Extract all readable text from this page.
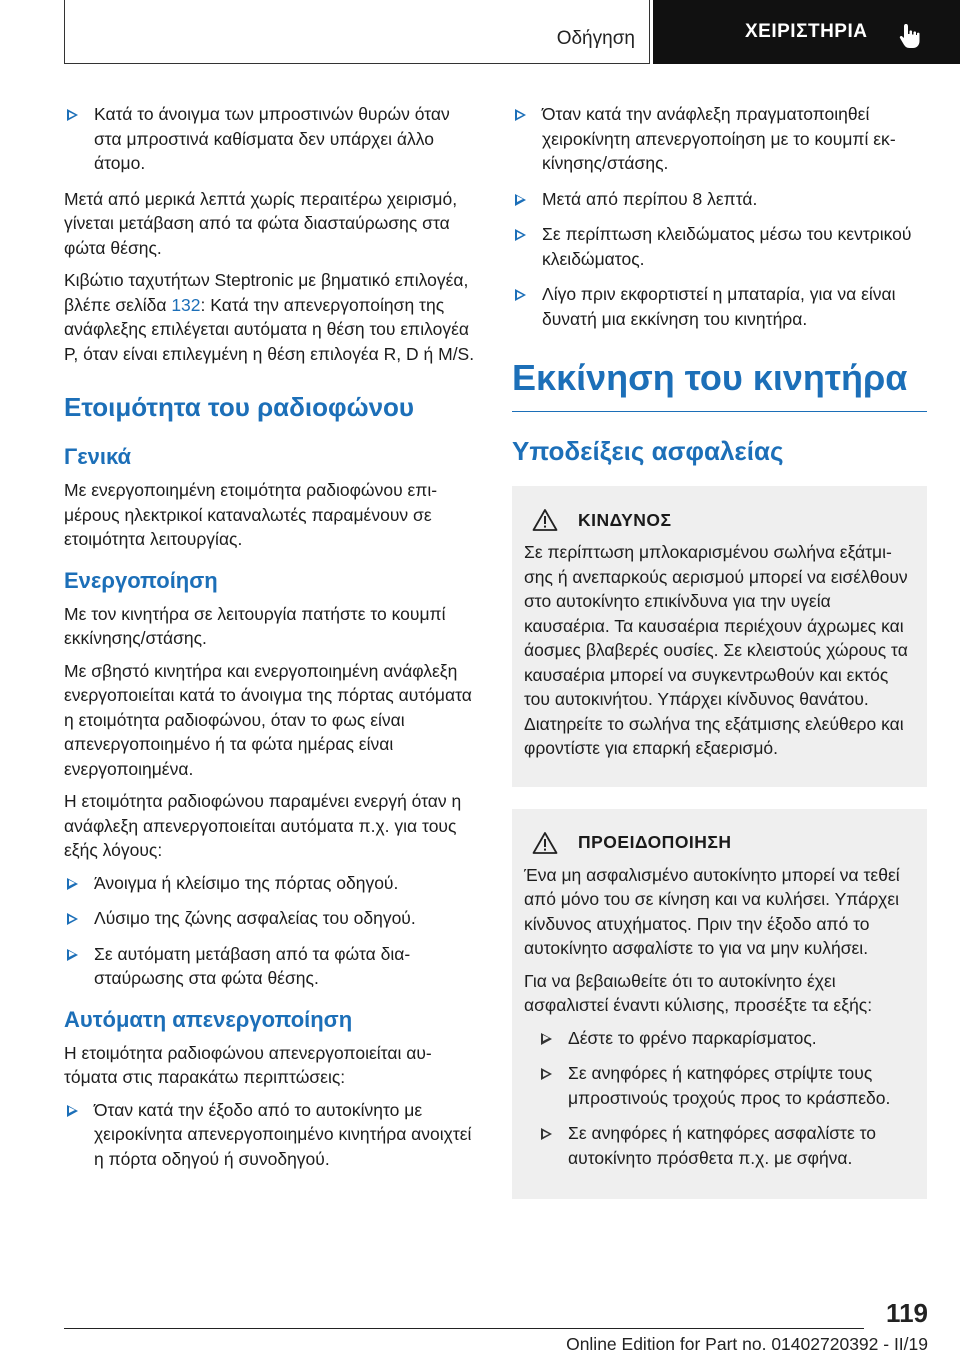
Οδήγηση	ΧΕΙΡΙΣΤΗΡΙΑ
Κατά το άνοιγμα των μπροστινών θυρών όταν στα μπροστινά καθίσματα δεν υπάρχει άλλο άτομο.

Μετά από μερικά λεπτά χωρίς περαιτέρω χειρισμό, γίνεται μετάβαση από τα φώτα διασταύρωσης στα φώτα θέσης.

Κιβώτιο ταχυτήτων Steptronic με βηματικό επιλογέα, βλέπε σελίδα 132: Κατά την απενεργοποίηση της ανάφλεξης επιλέγεται αυτόματα η θέση του επιλογέα P, όταν είναι επιλεγμένη η θέση επιλογέα R, D ή M/S.

Ετοιμότητα του ραδιοφώνου
Γενικά

Με ενεργοποιημένη ετοιμότητα ραδιοφώνου επιμέρους ηλεκτρικοί καταναλωτές παραμένουν σε ετοιμότητα λειτουργίας.

Ενεργοποίηση

Με τον κινητήρα σε λειτουργία πατήστε το κουμπί εκκίνησης/στάσης.

Με σβηστό κινητήρα και ενεργοποιημένη ανάφλεξη ενεργοποιείται κατά το άνοιγμα της πόρτας αυτόματα η ετοιμότητα ραδιοφώνου, όταν το φως είναι απενεργοποιημένο ή τα φώτα ημέρας είναι ενεργοποιημένα.

Η ετοιμότητα ραδιοφώνου παραμένει ενεργή όταν η ανάφλεξη απενεργοποιείται αυτόματα π.χ. για τους εξής λόγους:

Άνοιγμα ή κλείσιμο της πόρτας οδηγού.
Λύσιμο της ζώνης ασφαλείας του οδηγού.
Σε αυτόματη μετάβαση από τα φώτα διασταύρωσης στα φώτα θέσης.
Αυτόματη απενεργοποίηση

Η ετοιμότητα ραδιοφώνου απενεργοποιείται αυτόματα στις παρακάτω περιπτώσεις:

Όταν κατά την έξοδο από το αυτοκίνητο με χειροκίνητα απενεργοποιημένο κινητήρα ανοιχτεί η πόρτα οδηγού ή συνοδηγού.
Όταν κατά την ανάφλεξη πραγματοποιηθεί χειροκίνητη απενεργοποίηση με το κουμπί εκκίνησης/στάσης.
Μετά από περίπου 8 λεπτά.
Σε περίπτωση κλειδώματος μέσω του κεντρικού κλειδώματος.
Λίγο πριν εκφορτιστεί η μπαταρία, για να είναι δυνατή μια εκκίνηση του κινητήρα.
Εκκίνηση του κινητήρα
Υποδείξεις ασφαλείας
ΚΙΝΔΥΝΟΣ

Σε περίπτωση μπλοκαρισμένου σωλήνα εξάτμισης ή ανεπαρκούς αερισμού μπορεί να εισέλθουν στο αυτοκίνητο επικίνδυνα για την υγεία καυσαέρια. Τα καυσαέρια περιέχουν άχρωμες και άοσμες βλαβερές ουσίες. Σε κλειστούς χώρους τα καυσαέρια μπορεί να συγκεντρωθούν και εκτός του αυτοκινήτου. Υπάρχει κίνδυνος θανάτου. Διατηρείτε το σωλήνα της εξάτμισης ελεύθερο και φροντίστε για επαρκή εξαερισμό.

ΠΡΟΕΙΔΟΠΟΙΗΣΗ

Ένα μη ασφαλισμένο αυτοκίνητο μπορεί να τεθεί από μόνο του σε κίνηση και να κυλήσει. Υπάρχει κίνδυνος ατυχήματος. Πριν την έξοδο από το αυτοκίνητο ασφαλίστε το για να μην κυλήσει.

Για να βεβαιωθείτε ότι το αυτοκίνητο έχει ασφαλιστεί έναντι κύλισης, προσέξτε τα εξής:

Δέστε το φρένο παρκαρίσματος.
Σε ανηφόρες ή κατηφόρες στρίψτε τους μπροστινούς τροχούς προς το κράσπεδο.
Σε ανηφόρες ή κατηφόρες ασφαλίστε το αυτοκίνητο πρόσθετα π.χ. με σφήνα.
119
Online Edition for Part no. 01402720392 - II/19
